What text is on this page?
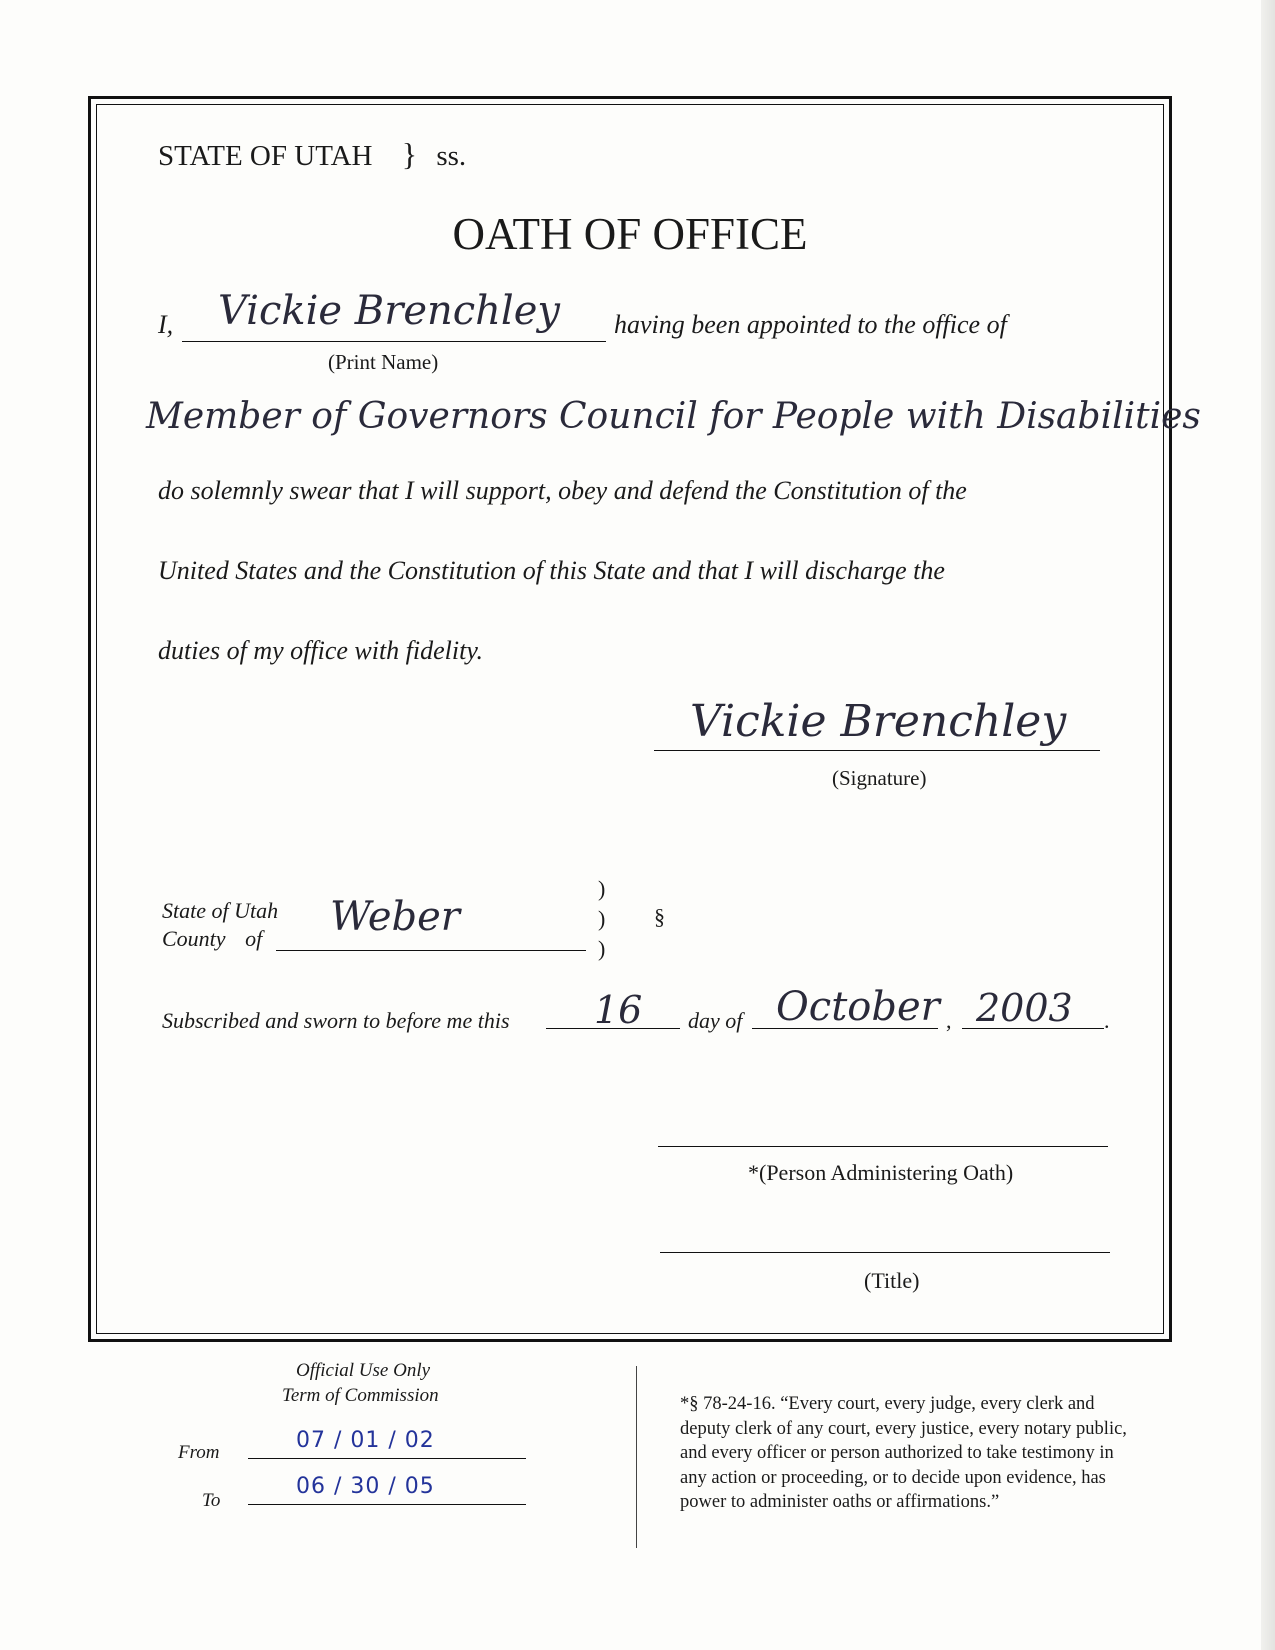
STATE OF UTAH } ss.
OATH OF OFFICE
I, Vickie Brenchley having been appointed to the office of
(Print Name)
Member of Governors Council for People with Disabilities
do solemnly swear that I will support, obey and defend the Constitution of the
United States and the Constitution of this State and that I will discharge the
duties of my office with fidelity.
Vickie Brenchley
(Signature)
State of Utah
County of Weber
)
)
)
§
Subscribed and sworn to before me this 16 day of October , 2003 .
*(Person Administering Oath)
(Title)
Official Use Only
Term of Commission
From	07 / 01 / 02
To
06 / 30 / 05
*§ 78-24-16. “Every court, every judge, every clerk and
deputy clerk of any court, every justice, every notary public,
and every officer or person authorized to take testimony in
any action or proceeding, or to decide upon evidence, has
power to administer oaths or affirmations.”
